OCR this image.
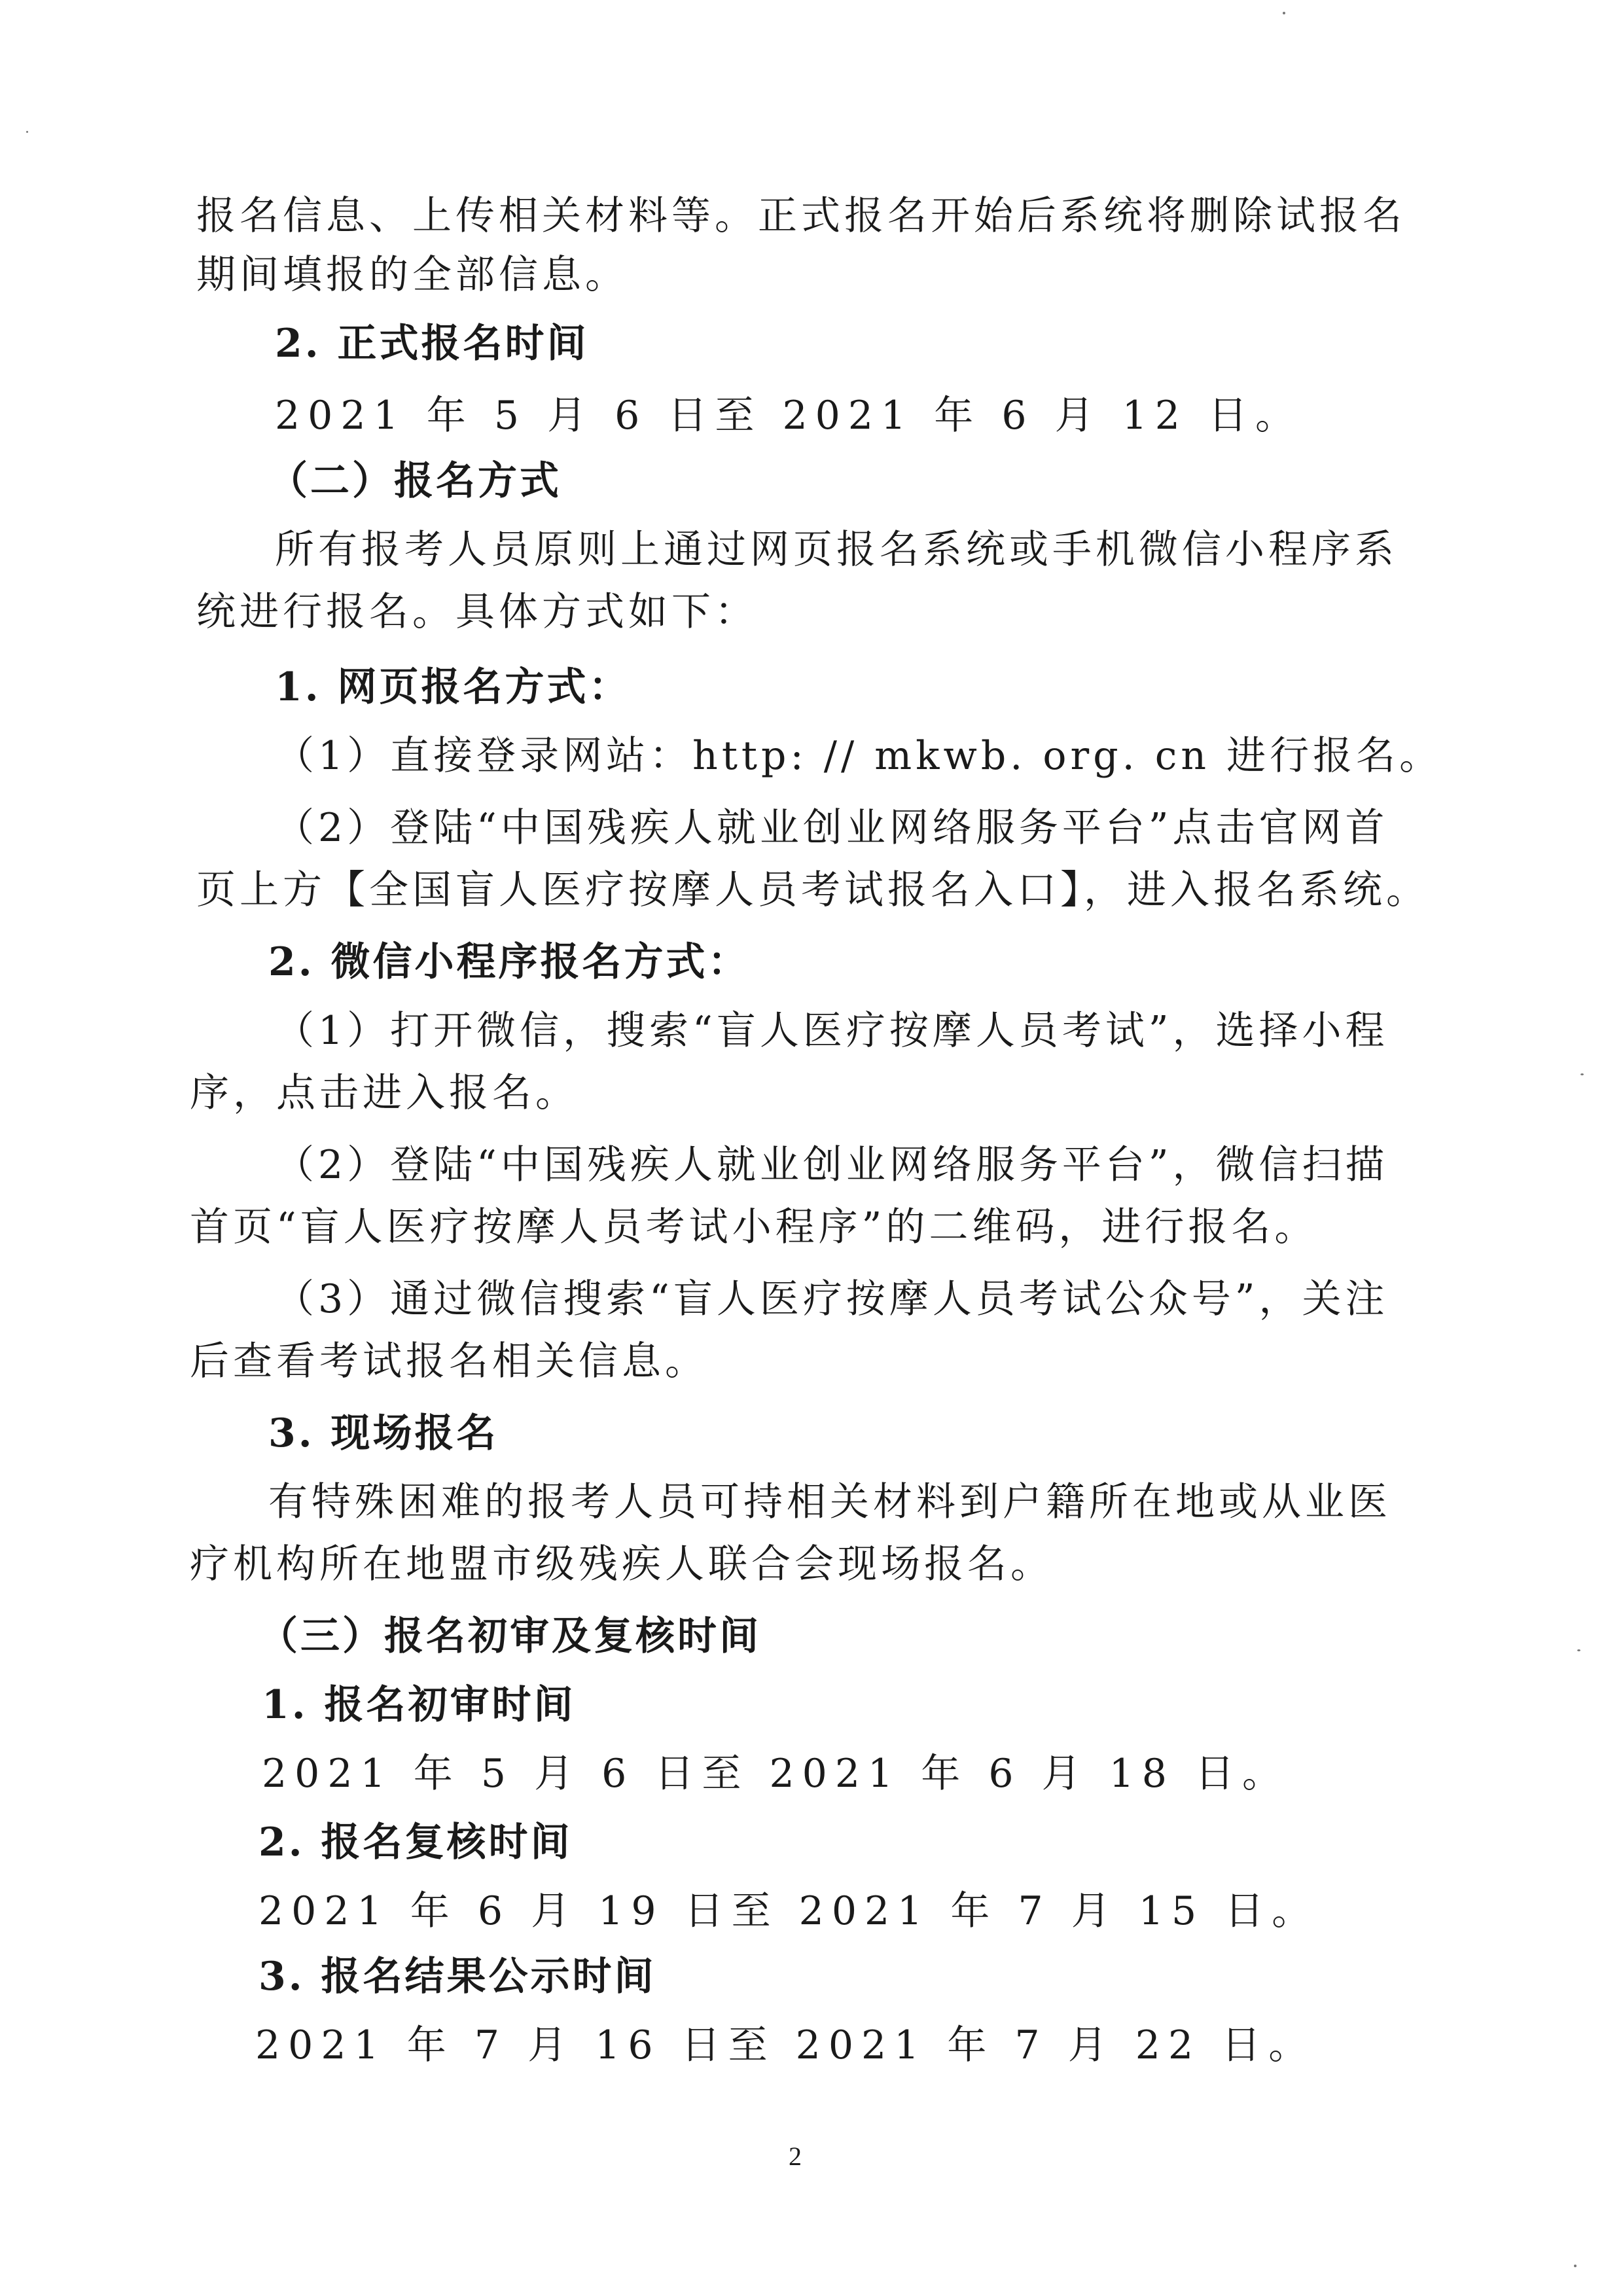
报名信息、上传相关材料等。正式报名开始后系统将删除试报名
期间填报的全部信息。
2. 正式报名时间
2021 年 5 月 6 日至 2021 年 6 月 12 日。
（二）报名方式
所有报考人员原则上通过网页报名系统或手机微信小程序系
统进行报名。具体方式如下：
1. 网页报名方式：
（1）直接登录网站：http: // mkwb. org. cn 进行报名。
（2）登陆“中国残疾人就业创业网络服务平台”点击官网首
页上方【全国盲人医疗按摩人员考试报名入口】，进入报名系统。
2. 微信小程序报名方式：
（1）打开微信，搜索“盲人医疗按摩人员考试”，选择小程
序，点击进入报名。
（2）登陆“中国残疾人就业创业网络服务平台”，微信扫描
首页“盲人医疗按摩人员考试小程序”的二维码，进行报名。
（3）通过微信搜索“盲人医疗按摩人员考试公众号”，关注
后查看考试报名相关信息。
3. 现场报名
有特殊困难的报考人员可持相关材料到户籍所在地或从业医
疗机构所在地盟市级残疾人联合会现场报名。
（三）报名初审及复核时间
1. 报名初审时间
2021 年 5 月 6 日至 2021 年 6 月 18 日。
2. 报名复核时间
2021 年 6 月 19 日至 2021 年 7 月 15 日。
3. 报名结果公示时间
2021 年 7 月 16 日至 2021 年 7 月 22 日。
2
